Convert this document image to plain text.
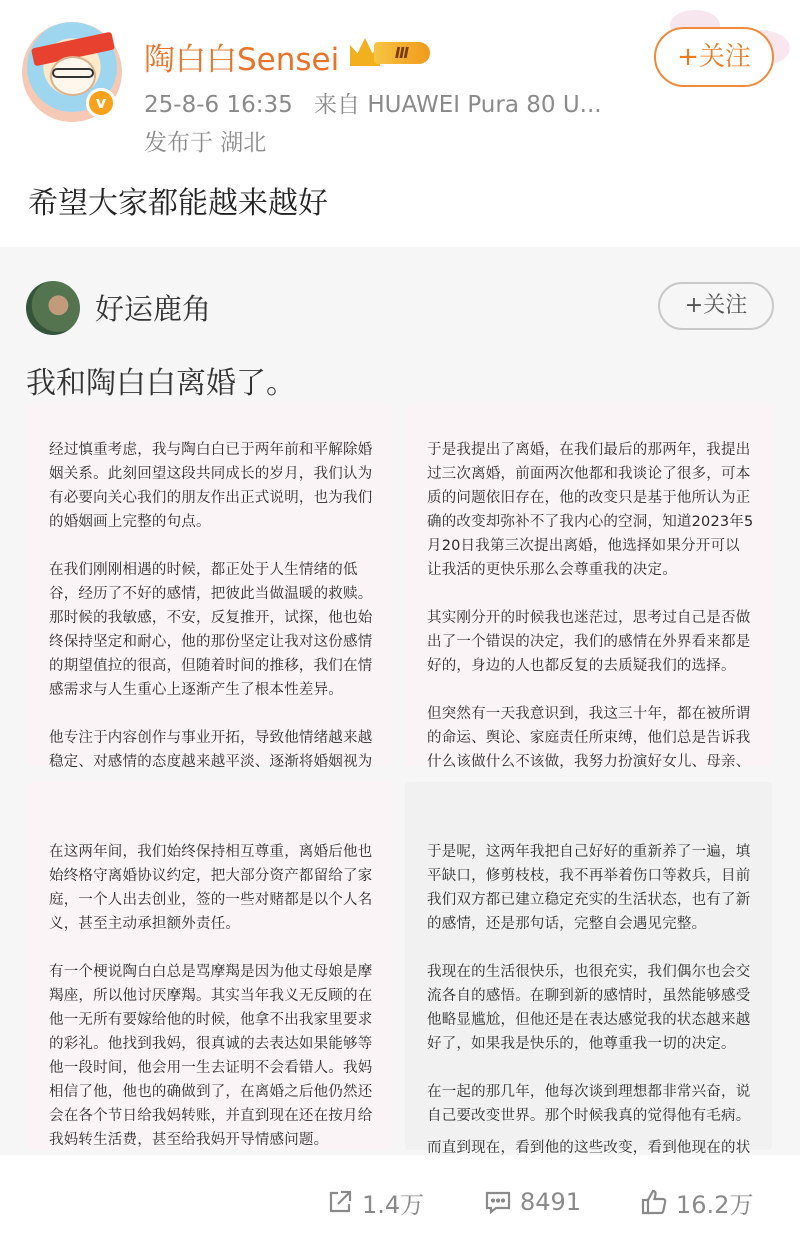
v
陶白白Sensei	Ⅲ
25-8-6 16:35 来自 HUAWEI Pura 80 U...
发布于 湖北
+关注
希望大家都能越来越好
好运鹿角	+关注
我和陶白白离婚了。

经过慎重考虑，我与陶白白已于两年前和平解除婚姻关系。此刻回望这段共同成长的岁月，我们认为有必要向关心我们的朋友作出正式说明，也为我们的婚姻画上完整的句点。

在我们刚刚相遇的时候，都正处于人生情绪的低谷，经历了不好的感情，把彼此当做温暖的救赎。那时候的我敏感，不安，反复推开，试探，他也始终保持坚定和耐心，他的那份坚定让我对这份感情的期望值拉的很高，但随着时间的推移，我们在情感需求与人生重心上逐渐产生了根本性差异。

他专注于内容创作与事业开拓，导致他情绪越来越稳定、对感情的态度越来越平淡、逐渐将婚姻视为

于是我提出了离婚，在我们最后的那两年，我提出过三次离婚，前面两次他都和我谈论了很多，可本质的问题依旧存在，他的改变只是基于他所认为正确的改变却弥补不了我内心的空洞，知道2023年5月20日我第三次提出离婚，他选择如果分开可以让我活的更快乐那么会尊重我的决定。

其实刚分开的时候我也迷茫过，思考过自己是否做出了一个错误的决定，我们的感情在外界看来都是好的，身边的人也都反复的去质疑我们的选择。

但突然有一天我意识到，我这三十年，都在被所谓的命运、舆论、家庭责任所束缚，他们总是告诉我什么该做什么不该做，我努力扮演好女儿、母亲、

在这两年间，我们始终保持相互尊重，离婚后他也始终格守离婚协议约定，把大部分资产都留给了家庭，一个人出去创业，签的一些对赌都是以个人名义，甚至主动承担额外责任。

有一个梗说陶白白总是骂摩羯是因为他丈母娘是摩羯座，所以他讨厌摩羯。其实当年我义无反顾的在他一无所有要嫁给他的时候，他拿不出我家里要求的彩礼。他找到我妈，很真诚的去表达如果能够等他一段时间，他会用一生去证明不会看错人。我妈相信了他，他也的确做到了，在离婚之后他仍然还会在各个节日给我妈转账，并直到现在还在按月给我妈转生活费，甚至给我妈开导情感问题。

于是呢，这两年我把自己好好的重新养了一遍，填平缺口，修剪枝枝，我不再举着伤口等救兵，目前我们双方都已建立稳定充实的生活状态，也有了新的感情，还是那句话，完整自会遇见完整。

我现在的生活很快乐，也很充实，我们偶尔也会交流各自的感悟。在聊到新的感情时，虽然能够感受他略显尴尬，但他还是在表达感觉我的状态越来越好了，如果我是快乐的，他尊重我一切的决定。

在一起的那几年，他每次谈到理想都非常兴奋，说自己要改变世界。那个时候我真的觉得他有毛病。

而直到现在，看到他的这些改变，看到他现在的状

1.4万	8491	16.2万
